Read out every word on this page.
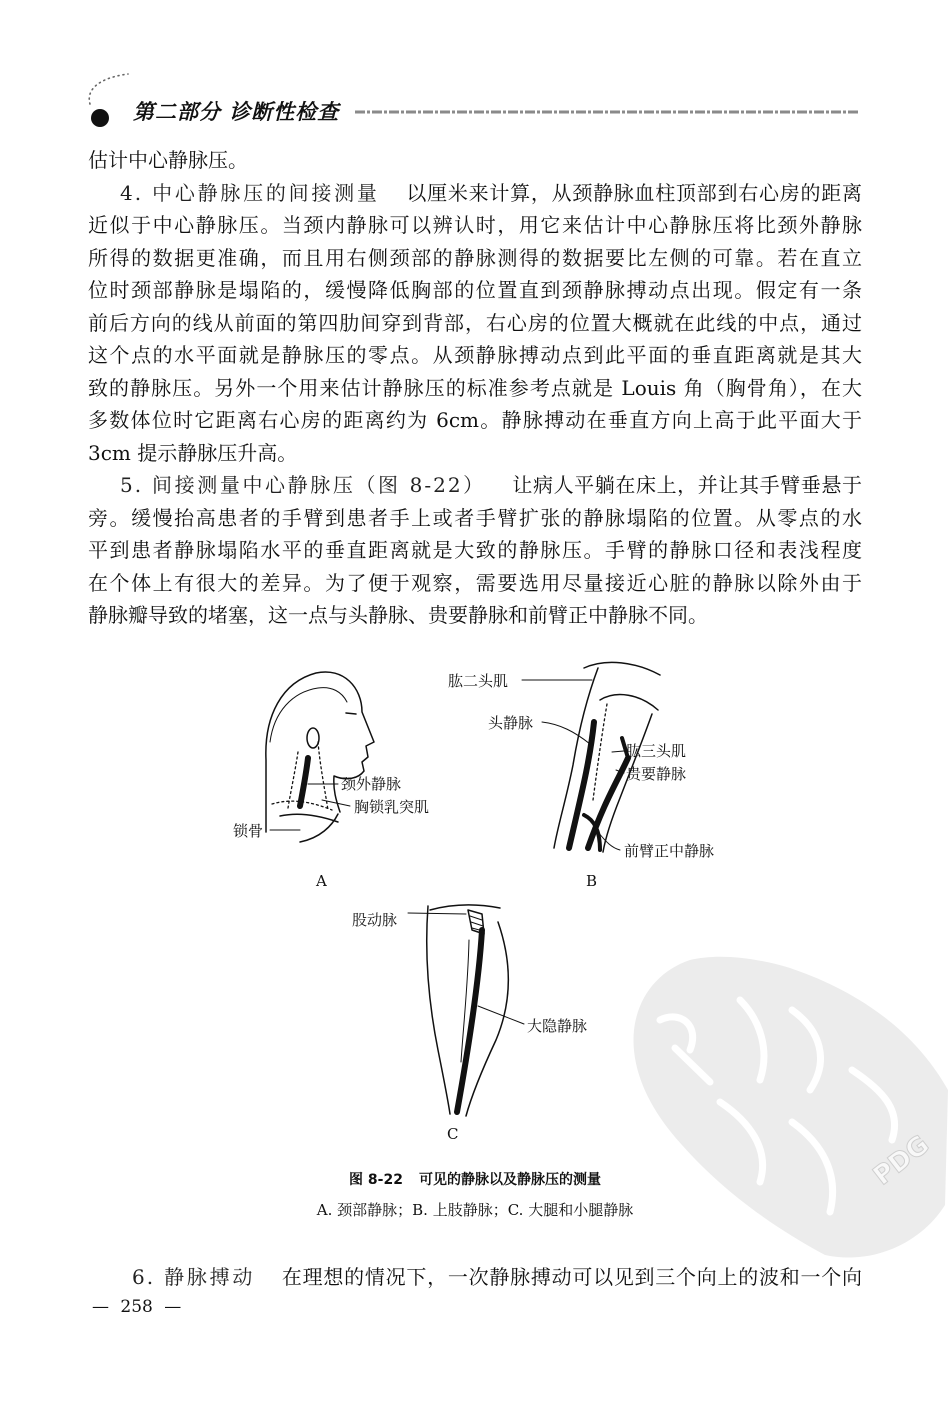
PDG
第二部分 诊断性检查
估计中心静脉压。
4. 中心静脉压的间接测量 以厘米来计算，从颈静脉血柱顶部到右心房的距离
近似于中心静脉压。当颈内静脉可以辨认时，用它来估计中心静脉压将比颈外静脉
所得的数据更准确，而且用右侧颈部的静脉测得的数据要比左侧的可靠。若在直立
位时颈部静脉是塌陷的，缓慢降低胸部的位置直到颈静脉搏动点出现。假定有一条
前后方向的线从前面的第四肋间穿到背部，右心房的位置大概就在此线的中点，通过
这个点的水平面就是静脉压的零点。从颈静脉搏动点到此平面的垂直距离就是其大
致的静脉压。另外一个用来估计静脉压的标准参考点就是 Louis 角（胸骨角），在大
多数体位时它距离右心房的距离约为 6cm。静脉搏动在垂直方向上高于此平面大于
3cm 提示静脉压升高。
5. 间接测量中心静脉压（图 8-22） 让病人平躺在床上，并让其手臂垂悬于
旁。缓慢抬高患者的手臂到患者手上或者手臂扩张的静脉塌陷的位置。从零点的水
平到患者静脉塌陷水平的垂直距离就是大致的静脉压。手臂的静脉口径和表浅程度
在个体上有很大的差异。为了便于观察，需要选用尽量接近心脏的静脉以除外由于
静脉瓣导致的堵塞，这一点与头静脉、贵要静脉和前臂正中静脉不同。
颈外静脉
胸锁乳突肌
锁骨
A
肱二头肌
头静脉
肱三头肌
贵要静脉
前臂正中静脉
B
股动脉
大隐静脉
C
图 8-22 可见的静脉以及静脉压的测量
A. 颈部静脉；B. 上肢静脉；C. 大腿和小腿静脉
6. 静脉搏动 在理想的情况下，一次静脉搏动可以见到三个向上的波和一个向
— 258 —
